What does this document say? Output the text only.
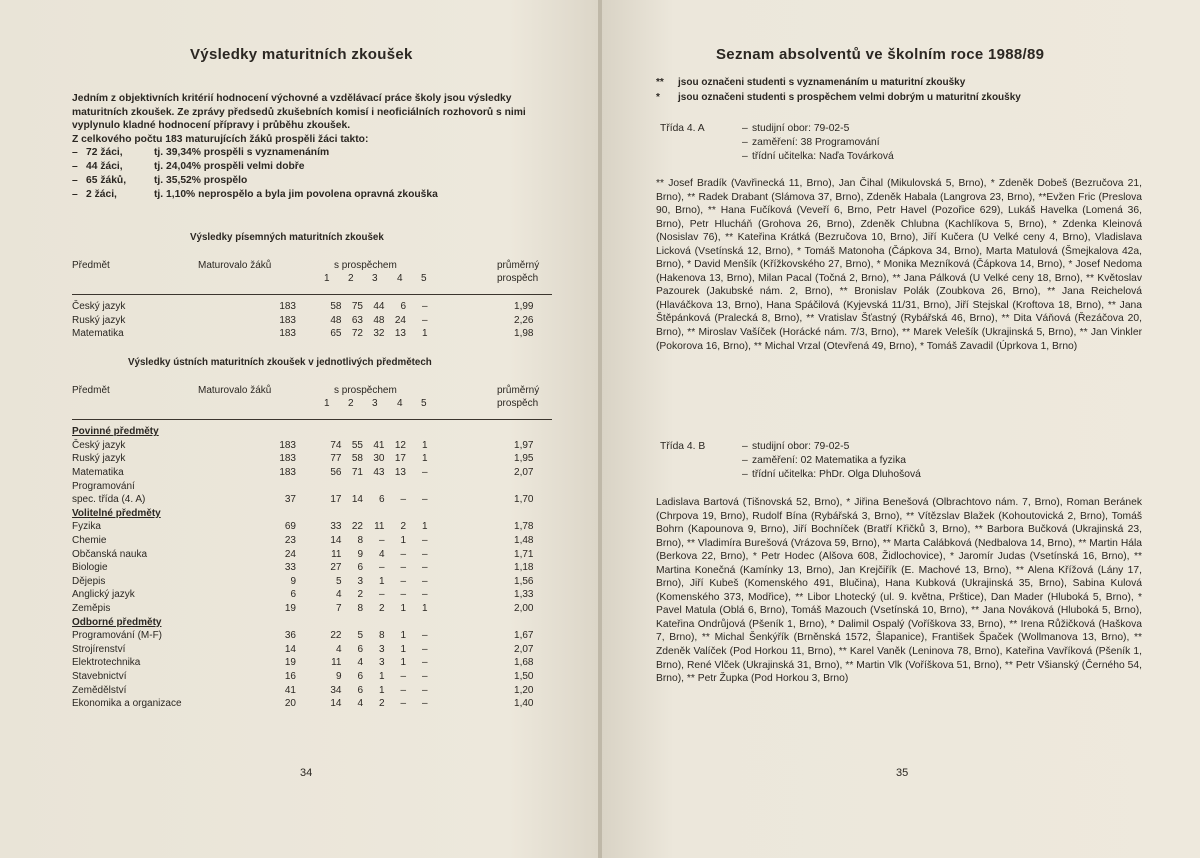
Výsledky maturitních zkoušek

Jedním z objektivních kritérií hodnocení výchovné a vzdělávací práce školy jsou výsledky maturitních zkoušek. Ze zprávy předsedů zkušebních komisí i neoficiálních rozhovorů s nimi vyplynulo kladné hodnocení přípravy i průběhu zkoušek.

Z celkového počtu 183 maturujících žáků prospěli žáci takto:

– 72 žáci,	tj. 39,34% prospěli s vyznamenáním
– 44 žáci,	tj. 24,04% prospěli velmi dobře
– 65 žáků,	tj. 35,52% prospělo
– 2 žáci,	tj. 1,10% neprospělo a byla jim povolena opravná zkouška
Výsledky písemných maturitních zkoušek
Předmět	Maturovalo žáků	s prospěchem
1 2 3 4 5
průměrný
prospěch
Český jazyk	183	58		75		44		6		–		1,99
Ruský jazyk	183	48		63		48		24		–		2,26
Matematika	183	65		72		32		13		1		1,98
Výsledky ústních maturitních zkoušek v jednotlivých předmětech
Předmět	Maturovalo žáků	s prospěchem
1 2 3 4 5
průměrný
prospěch
Povinné předměty												
Český jazyk	183	74		55		41		12		1		1,97
Ruský jazyk	183	77		58		30		17		1		1,95
Matematika	183	56		71		43		13		–		2,07
Programování												
spec. třída (4. A)	37	17		14		6		–		–		1,70
Volitelné předměty												
Fyzika	69	33		22		11		2		1		1,78
Chemie	23	14		8		–		1		–		1,48
Občanská nauka	24	11		9		4		–		–		1,71
Biologie	33	27		6		–		–		–		1,18
Dějepis	9	5		3		1		–		–		1,56
Anglický jazyk	6	4		2		–		–		–		1,33
Zeměpis	19	7		8		2		1		1		2,00
Odborné předměty												
Programování (M-F)	36	22		5		8		1		–		1,67
Strojírenství	14	4		6		3		1		–		2,07
Elektrotechnika	19	11		4		3		1		–		1,68
Stavebnictví	16	9		6		1		–		–		1,50
Zemědělství	41	34		6		1		–		–		1,20
Ekonomika a organizace	20	14		4		2		–		–		1,40
34
Seznam absolventů ve školním roce 1988/89
** jsou označeni studenti s vyznamenáním u maturitní zkoušky
* jsou označeni studenti s prospěchem velmi dobrým u maturitní zkoušky
Třída 4. A	– studijní obor: 79-02-5
– zaměření: 38 Programování
– třídní učitelka: Naďa Továrková

** Josef Bradík (Vavřinecká 11, Brno), Jan Čihal (Mikulovská 5, Brno), * Zdeněk Dobeš (Bezručova 21, Brno), ** Radek Drabant (Slámova 37, Brno), Zdeněk Habala (Langrova 23, Brno), **Evžen Fric (Preslova 90, Brno), ** Hana Fučíková (Veveří 6, Brno, Petr Havel (Pozořice 629), Lukáš Havelka (Lomená 36, Brno), Petr Hlucháň (Grohova 26, Brno), Zdeněk Chlubna (Kachlíkova 5, Brno), * Zdenka Kleinová (Nosislav 76), ** Kateřina Krátká (Bezručova 10, Brno), Jiří Kučera (U Velké ceny 4, Brno), Vladislava Licková (Vsetínská 12, Brno), * Tomáš Matonoha (Čápkova 34, Brno), Marta Matulová (Šmejkalova 42a, Brno), * David Menšík (Křížkovského 27, Brno), * Monika Mezníková (Čápkova 14, Brno), * Josef Nedoma (Hakenova 13, Brno), Milan Pacal (Točná 2, Brno), ** Jana Pálková (U Velké ceny 18, Brno), ** Květoslav Pazourek (Jakubské nám. 2, Brno), ** Bronislav Polák (Zoubkova 26, Brno), ** Jana Reichelová (Hlaváčkova 13, Brno), Hana Spáčilová (Kyjevská 11/31, Brno), Jiří Stejskal (Kroftova 18, Brno), ** Jana Štěpánková (Pralecká 8, Brno), ** Vratislav Šťastný (Rybářská 46, Brno), ** Dita Váňová (Řezáčova 20, Brno), ** Miroslav Vašíček (Horácké nám. 7/3, Brno), ** Marek Velešík (Ukrajinská 5, Brno), ** Jan Vinkler (Pokorova 16, Brno), ** Michal Vrzal (Otevřená 49, Brno), * Tomáš Zavadil (Úprkova 1, Brno)

Třída 4. B	– studijní obor: 79-02-5
– zaměření: 02 Matematika a fyzika
– třídní učitelka: PhDr. Olga Dluhošová

Ladislava Bartová (Tišnovská 52, Brno), * Jiřina Benešová (Olbrachtovo nám. 7, Brno), Roman Beránek (Chrpova 19, Brno), Rudolf Bína (Rybářská 3, Brno), ** Vítězslav Blažek (Kohoutovická 2, Brno), Tomáš Bohrn (Kapounova 9, Brno), Jiří Bochníček (Bratří Křičků 3, Brno), ** Barbora Bučková (Ukrajinská 23, Brno), ** Vladimíra Burešová (Vrázova 59, Brno), ** Marta Calábková (Nedbalova 14, Brno), ** Martin Hála (Berkova 22, Brno), * Petr Hodec (Alšova 608, Židlochovice), * Jaromír Judas (Vsetínská 16, Brno), ** Martina Konečná (Kamínky 13, Brno), Jan Krejčiřík (E. Machové 13, Brno), ** Alena Křížová (Lány 17, Brno), Jiří Kubeš (Komenského 491, Blučina), Hana Kubková (Ukrajinská 35, Brno), Sabina Kulová (Komenského 373, Modřice), ** Libor Lhotecký (ul. 9. května, Prštice), Dan Mader (Hluboká 5, Brno), * Pavel Matula (Oblá 6, Brno), Tomáš Mazouch (Vsetínská 10, Brno), ** Jana Nováková (Hluboká 5, Brno), Kateřina Ondrůjová (Pšeník 1, Brno), * Dalimil Ospalý (Voříškova 33, Brno), ** Irena Růžičková (Haškova 7, Brno), ** Michal Šenkýřík (Brněnská 1572, Šlapanice), František Špaček (Wollmanova 13, Brno), ** Zdeněk Valíček (Pod Horkou 11, Brno), ** Karel Vaněk (Leninova 78, Brno), Kateřina Vavříková (Pšeník 1, Brno), René Vlček (Ukrajinská 31, Brno), ** Martin Vlk (Voříškova 51, Brno), ** Petr Všianský (Černého 54, Brno), ** Petr Župka (Pod Horkou 3, Brno)

35
